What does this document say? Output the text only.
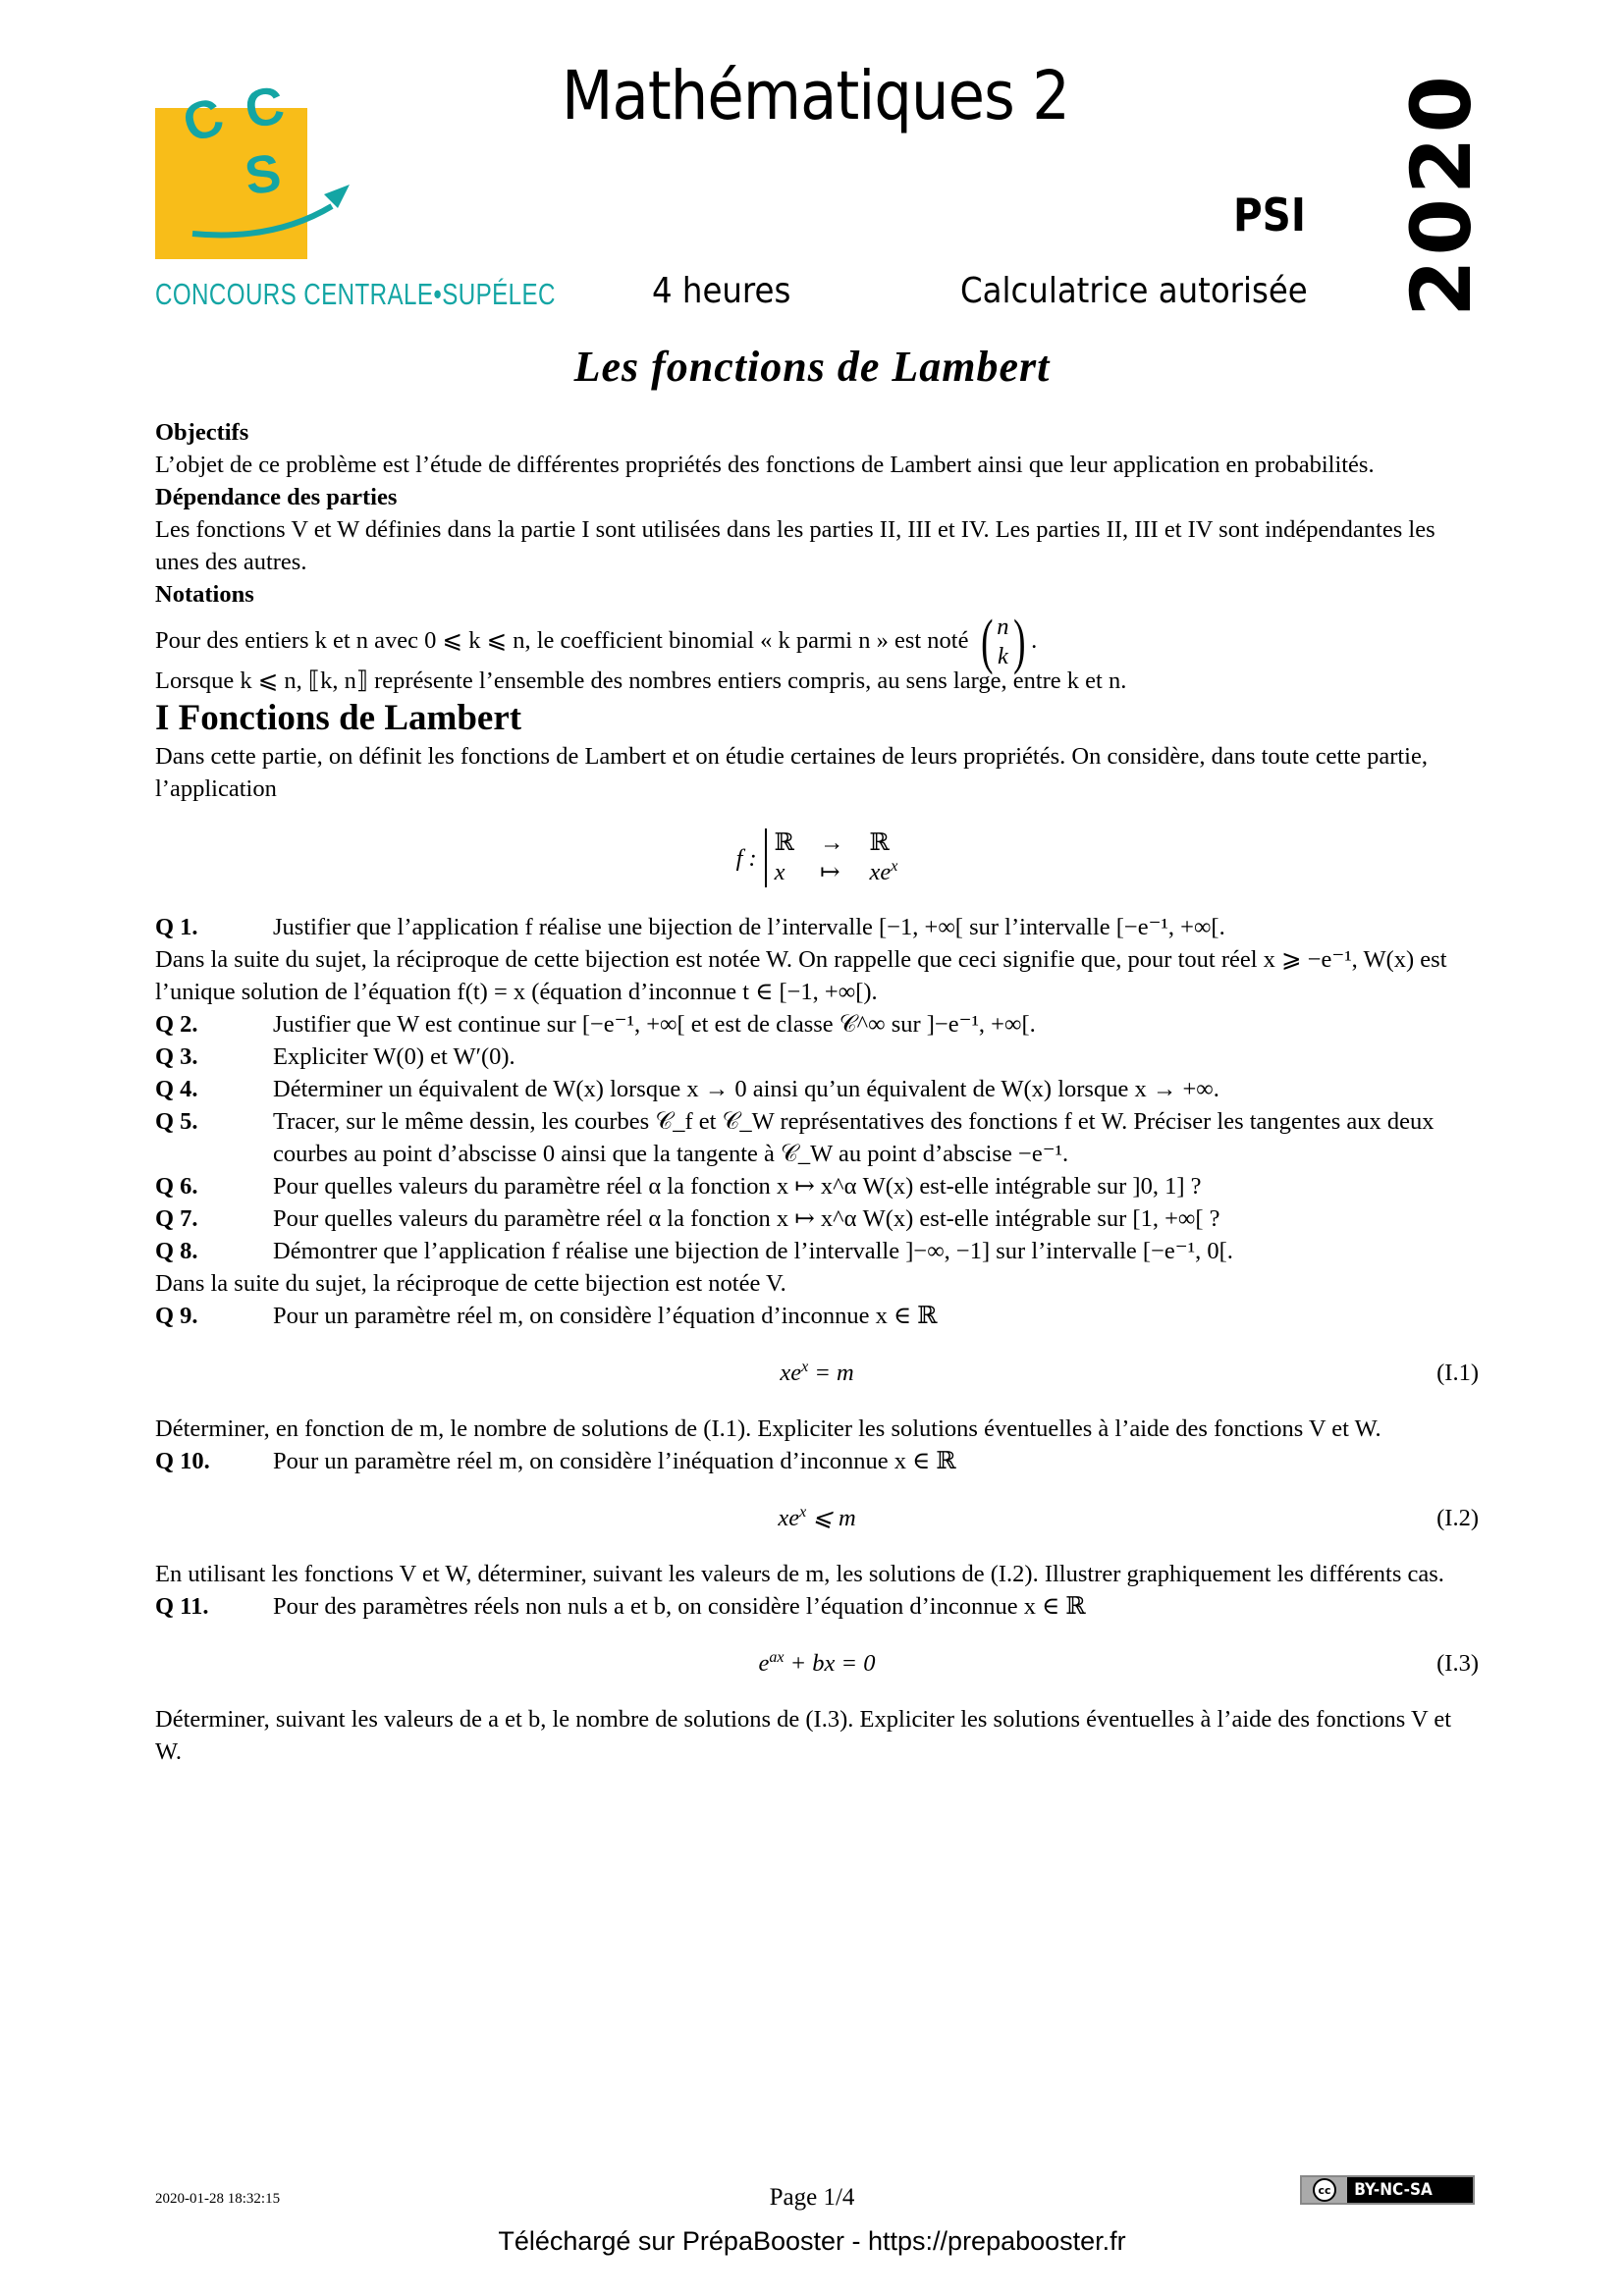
C C
S
CONCOURS CENTRALE•SUPÉLEC
Mathématiques 2
PSI
4 heures	Calculatrice autorisée 2020
Les fonctions de Lambert

Objectifs

L’objet de ce problème est l’étude de différentes propriétés des fonctions de Lambert ainsi que leur application en probabilités.

Dépendance des parties

Les fonctions V et W définies dans la partie I sont utilisées dans les parties II, III et IV. Les parties II, III et IV sont indépendantes les unes des autres.

Notations

Pour des entiers k et n avec 0 ⩽ k ⩽ n, le coefficient binomial « k parmi n » est noté ( n
k ) .

Lorsque k ⩽ n, ⟦k, n⟧ représente l’ensemble des nombres entiers compris, au sens large, entre k et n.

I Fonctions de Lambert

Dans cette partie, on définit les fonctions de Lambert et on étudie certaines de leurs propriétés. On considère, dans toute cette partie, l’application

f :
ℝ → ℝ
x	↦ $xe^x$
Q 1.	Justifier que l’application f réalise une bijection de l’intervalle [−1, +∞[ sur l’intervalle [−e⁻¹, +∞[.

Dans la suite du sujet, la réciproque de cette bijection est notée W. On rappelle que ceci signifie que, pour tout réel x ⩾ −e⁻¹, W(x) est l’unique solution de l’équation f(t) = x (équation d’inconnue t ∈ [−1, +∞[).

Q 2.	Justifier que W est continue sur [−e⁻¹, +∞[ et est de classe 𝒞^∞ sur ]−e⁻¹, +∞[.
Q 3.	Expliciter W(0) et W′(0).
Q 4.	Déterminer un équivalent de W(x) lorsque x → 0 ainsi qu’un équivalent de W(x) lorsque x → +∞.
Q 5.	Tracer, sur le même dessin, les courbes 𝒞_f et 𝒞_W représentatives des fonctions f et W. Préciser les tangentes aux deux courbes au point d’abscisse 0 ainsi que la tangente à 𝒞_W au point d’abscise −e⁻¹.
Q 6.	Pour quelles valeurs du paramètre réel α la fonction x ↦ x^α W(x) est-elle intégrable sur ]0, 1] ?
Q 7.	Pour quelles valeurs du paramètre réel α la fonction x ↦ x^α W(x) est-elle intégrable sur [1, +∞[ ?
Q 8.	Démontrer que l’application f réalise une bijection de l’intervalle ]−∞, −1] sur l’intervalle [−e⁻¹, 0[.

Dans la suite du sujet, la réciproque de cette bijection est notée V.

Q 9.	Pour un paramètre réel m, on considère l’équation d’inconnue x ∈ ℝ
$xe^x = m$	(I.1)

Déterminer, en fonction de m, le nombre de solutions de (I.1). Expliciter les solutions éventuelles à l’aide des fonctions V et W.

Q 10.	Pour un paramètre réel m, on considère l’inéquation d’inconnue x ∈ ℝ
$xe^x$ ⩽ m	(I.2)

En utilisant les fonctions V et W, déterminer, suivant les valeurs de m, les solutions de (I.2). Illustrer graphiquement les différents cas.

Q 11.	Pour des paramètres réels non nuls a et b, on considère l’équation d’inconnue x ∈ ℝ
$e^{ax}$ + bx = 0	(I.3)

Déterminer, suivant les valeurs de a et b, le nombre de solutions de (I.3). Expliciter les solutions éventuelles à l’aide des fonctions V et W.

2020-01-28 18:32:15	Page 1/4	cc	BY-NC-SA
Téléchargé sur PrépaBooster - https://prepabooster.fr
